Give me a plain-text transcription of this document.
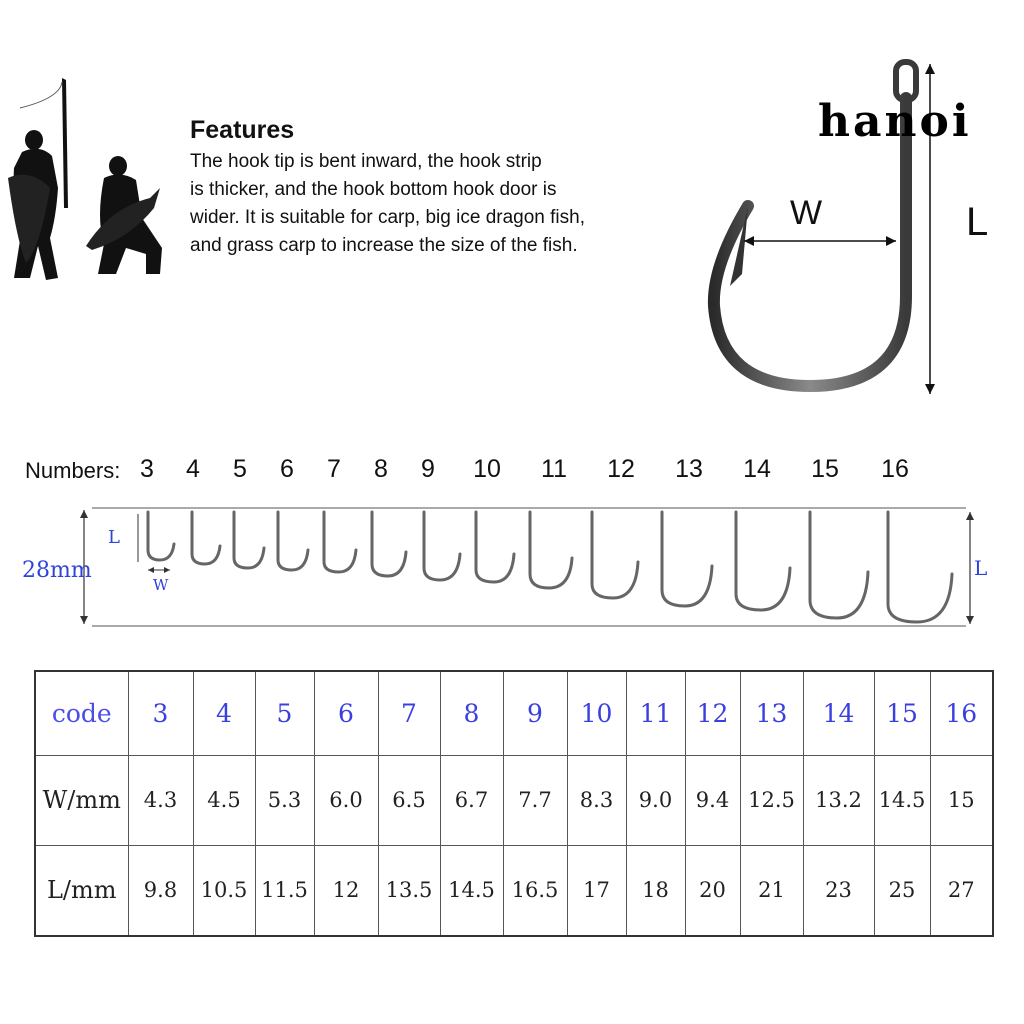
Features
The hook tip is bent inward, the hook strip
is thicker, and the hook bottom hook door is
wider. It is suitable for carp, big ice dragon fish,
and grass carp to increase the size of the fish.
hanoi
W	L
Numbers: 3 4 5 6 7 8 9 10 11 12 13 14 15 16
28mm
L
W
L
code	3	4	5	6	7	8	9	10	11	12	13	14	15	16
W/mm	4.3	4.5	5.3	6.0	6.5	6.7	7.7	8.3	9.0	9.4	12.5	13.2	14.5	15
L/mm	9.8	10.5	11.5	12	13.5	14.5	16.5	17	18	20	21	23	25	27
